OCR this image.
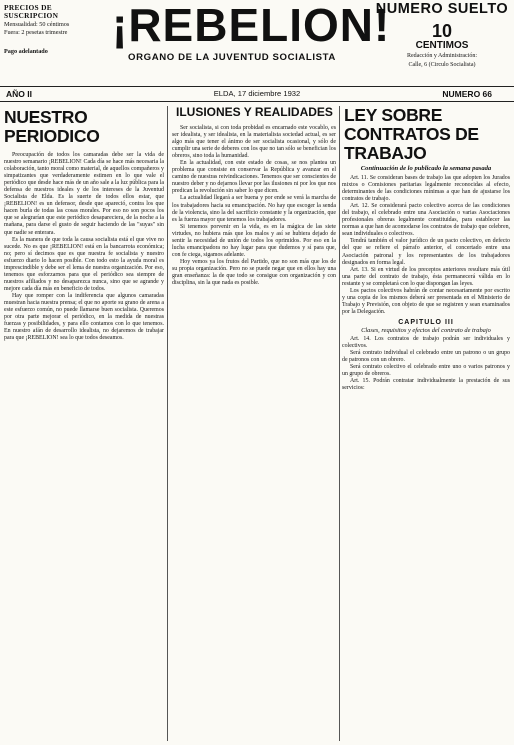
PRECIOS DE SUSCRIPCION
Mensualidad: 50 céntimos
Fuera: 2 pesetas trimestre
Pago adelantado
¡REBELION!
ORGANO DE LA JUVENTUD SOCIALISTA
NUMERO SUELTO
10
CENTIMOS
Redacción y Administración:
Calle, 6 (Circulo Socialista)
AÑO II	ELDA, 17 diciembre 1932	NUMERO 66
NUESTRO PERIODICO

Preocupación de todos los camaradas debe ser la vida de nuestro semanario ¡REBELION! Cada día se hace más necesaria la colaboración, tanto moral como material, de aquellos compañeros y simpatizantes que verdaderamente estimen en lo que vale el periódico que desde hace más de un año sale a la luz pública para la defensa de nuestros ideales y de los intereses de la Juventud Socialista de Elda. Es la suerte de todos ellos estar, que ¡REBELION! es un defensor, desde que apareció, contra los que hacen burla de todas las cosas morales. Por eso no son pocos los que se alegrarían que este periódico desapareciera, de la noche a la mañana, para darse el gusto de seguir haciendo de las "suyas" sin que nadie se enterara.

Es la manera de que toda la causa socialista está el que vive no sucede. No es que ¡REBELION! está en la bancarrota económica; no; pero sí decimos que es que nuestra fe socialista y nuestro esfuerzo diario lo hacen posible. Con todo esto la ayuda moral es imprescindible y debe ser el lema de nuestra organización. Por eso, tenemos que esforzarnos para que el periódico sea siempre de nuestros afiliados y no desaparezca nunca, sino que se agrande y mejore cada día más en beneficio de todos.

Hay que romper con la indiferencia que algunos camaradas muestran hacia nuestra prensa; el que no aporte su grano de arena a este esfuerzo común, no puede llamarse buen socialista. Queremos por otra parte mejorar el periódico, en la medida de nuestras fuerzas y posibilidades, y para ello contamos con lo que tenemos. En nuestro afán de desarrollo idealista, no dejaremos de trabajar para que ¡REBELION! sea lo que todos deseamos.

ILUSIONES Y REALIDADES

Ser socialista, si con toda probidad es encarnado este vocablo, es ser idealista, y ser idealista, en la materialista sociedad actual, es ser algo más que tener el ánimo de ser socialista ocasional, y sólo de cumplir una serie de deberes con los que no tan sólo se benefician los obreros, sino toda la humanidad.

En la actualidad, con este estado de cosas, se nos plantea un problema que consiste en conservar la República y avanzar en el camino de nuestras reivindicaciones. Tenemos que ser conscientes de nuestro deber y no dejarnos llevar por las ilusiones ni por los que nos predican la revolución sin saber lo que dicen.

La actualidad llegará a ser buena y por ende se verá la marcha de los trabajadores hacia su emancipación. No hay que escoger la senda de la violencia, sino la del sacrificio constante y la organización, que es la fuerza mayor que tenemos los trabajadores.

Si tenemos porvenir en la vida, es en la mágica de las siete virtudes, no hubiera más que los malos y así se hubiera dejado de sentir la necesidad de unión de todos los oprimidos. Por eso en la lucha emancipadora no hay lugar para que dudemos y sí para que, con fe ciega, sigamos adelante.

Hoy vemos ya los frutos del Partido, que no son más que los de su propia organización. Pero no se puede negar que en ellos hay una gran enseñanza: la de que todo se consigue con organización y con disciplina, sin la que nada es posible.

LEY SOBRE CONTRATOS DE TRABAJO
Continuación de lo publicado la semana pasada

Art. 11. Se consideran bases de trabajo las que adopten los Jurados mixtos o Comisiones paritarias legalmente reconocidas al efecto, determinantes de las condiciones mínimas a que han de ajustarse los contratos de trabajo.

Art. 12. Se considerará pacto colectivo acerca de las condiciones del trabajo, el celebrado entre una Asociación o varias Asociaciones profesionales obreras legalmente constituidas, para establecer las normas a que han de acomodarse los contratos de trabajo que celebren, sean individuales o colectivos.

Tendrá también el valor jurídico de un pacto colectivo, en defecto del que se refiere el párrafo anterior, el concertado entre una Asociación patronal y los representantes de los trabajadores designados en forma legal.

Art. 13. Si en virtud de los preceptos anteriores resultare más útil una parte del contrato de trabajo, ésta permanecerá válida en lo restante y se completará con lo que dispongan las leyes.

Los pactos colectivos habrán de contar necesariamente por escrito y una copia de los mismos deberá ser presentada en el Ministerio de Trabajo y Previsión, con objeto de que se registren y sean examinados por la Delegación.

CAPITULO III
Clases, requisitos y efectos del contrato de trabajo

Art. 14. Los contratos de trabajo podrán ser individuales y colectivos.

Será contrato individual el celebrado entre un patrono o un grupo de patronos con un obrero.

Será contrato colectivo el celebrado entre uno o varios patronos y un grupo de obreros.

Art. 15. Podrán contratar individualmente la prestación de sus servicios:
